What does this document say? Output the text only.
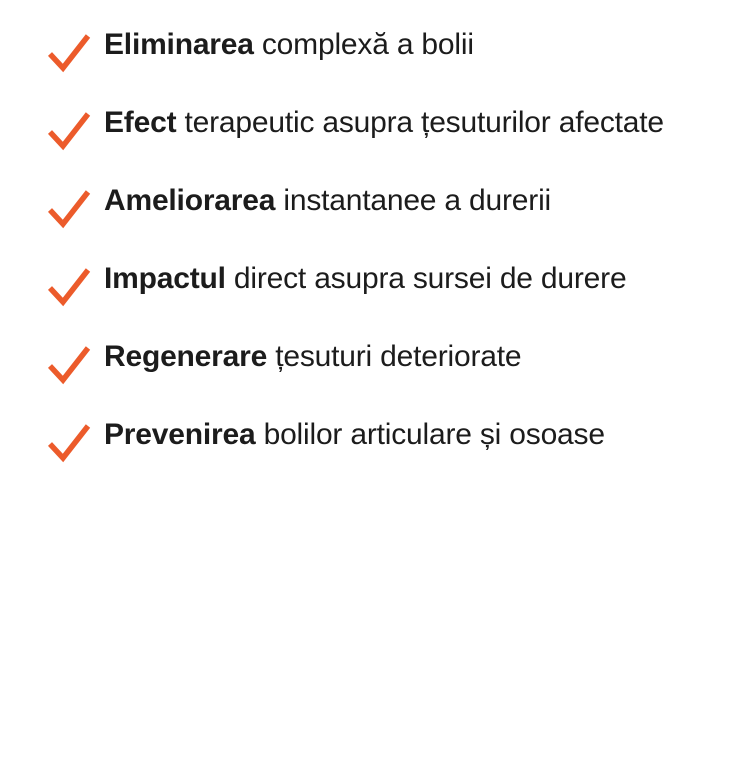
Eliminarea complexă a bolii
Efect terapeutic asupra țesuturilor afectate
Ameliorarea instantanee a durerii
Impactul direct asupra sursei de durere
Regenerare țesuturi deteriorate
Prevenirea bolilor articulare și osoase
